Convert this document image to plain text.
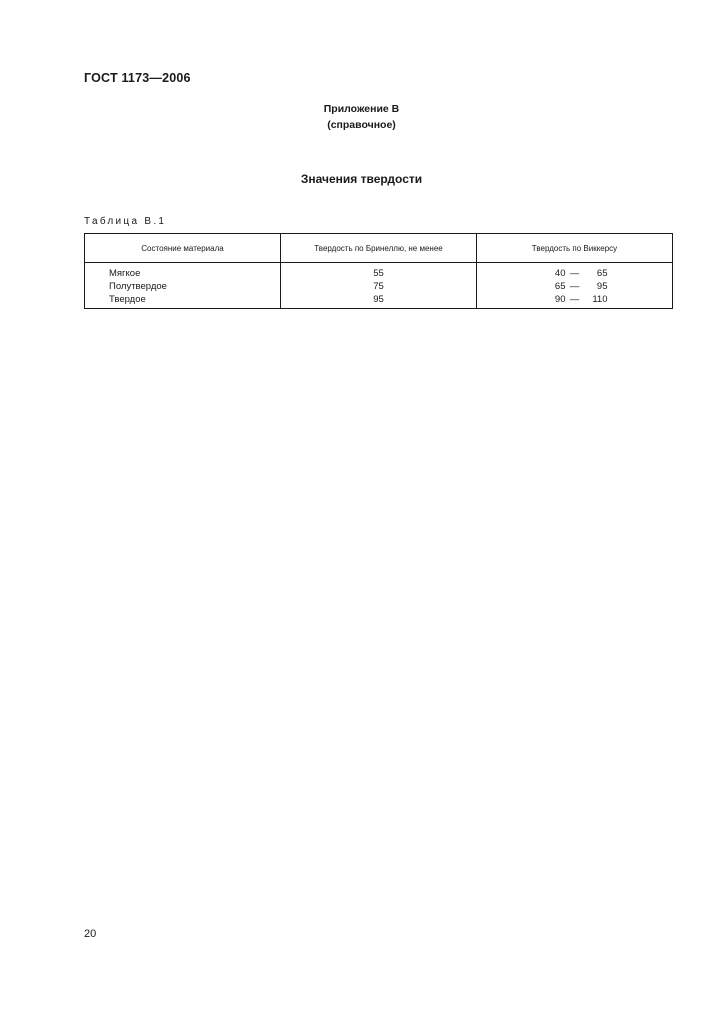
ГОСТ 1173—2006
Приложение В
(справочное)
Значения твердости
Таблица В.1
Состояние материала	Твердость по Бринеллю, не менее	Твердость по Виккерсу
Мягкое	55	40 — 65
Полутвердое	75	65 — 95
Твердое	95	90 — 110
20
